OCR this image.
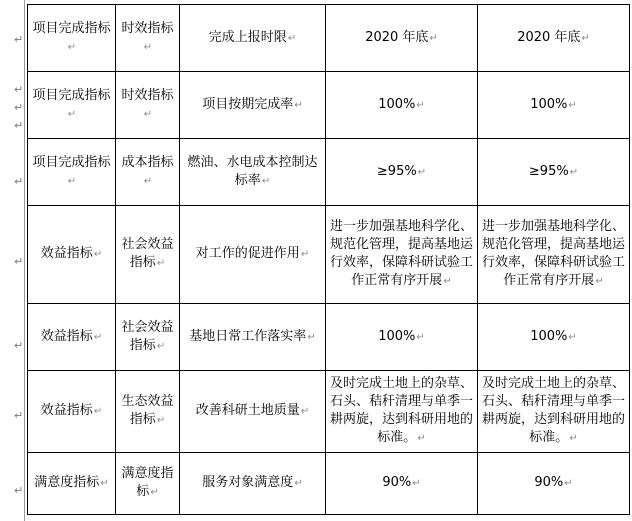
↵
↵
↵
↵
↵
↵
↵
↵
↵
项目完成指标↵	时效指标↵	完成上报时限↵	2020 年底↵	2020 年底↵
项目完成指标↵	时效指标↵	项目按期完成率↵	100%↵	100%↵
项目完成指标↵	成本指标↵	燃油、水电成本控制达标率↵	≥95%↵	≥95%↵
效益指标↵	社会效益指标↵	对工作的促进作用↵	进一步加强基地科学化、规范化管理，提高基地运行效率，保障科研试验工作正常有序开展↵	进一步加强基地科学化、规范化管理，提高基地运行效率，保障科研试验工作正常有序开展↵
效益指标↵	社会效益指标↵	基地日常工作落实率↵	100%↵	100%↵
效益指标↵	生态效益指标↵	改善科研土地质量↵	及时完成土地上的杂草、石头、秸秆清理与单季一耕两旋，达到科研用地的标准。↵	及时完成土地上的杂草、石头、秸秆清理与单季一耕两旋，达到科研用地的标准。↵
满意度指标↵	满意度指标↵	服务对象满意度↵	90%↵	90%↵
